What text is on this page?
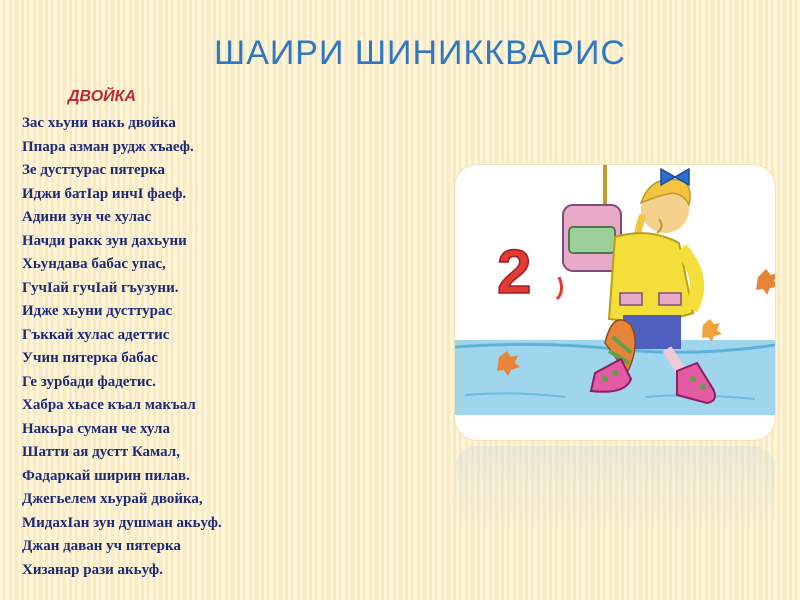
ШАИРИ ШИНИККВАРИС
ДВОЙКА
Зас хьуни накь двойка
Ппара азман рудж хъаеф.
Зе дусттурас пятерка
Иджи батIар инчI фаеф.
Адини зун че хулас
Начди ракк зун дахьуни
Хьундава бабас упас,
ГучIай гучIай гъузуни.
Идже хьуни дусттурас
Гъккай хулас адеттис
Учин пятерка бабас
Ге зурбади фадетис.
Хабра хьасе къал макъал
Накьра суман че хула
Шатти ая дустт Камал,
Фадаркай ширин пилав.
Джегьелем хьурай двойка,
МидахIан зун душман акьуф.
Джан даван уч пятерка
Хизанар рази акьуф.
2
